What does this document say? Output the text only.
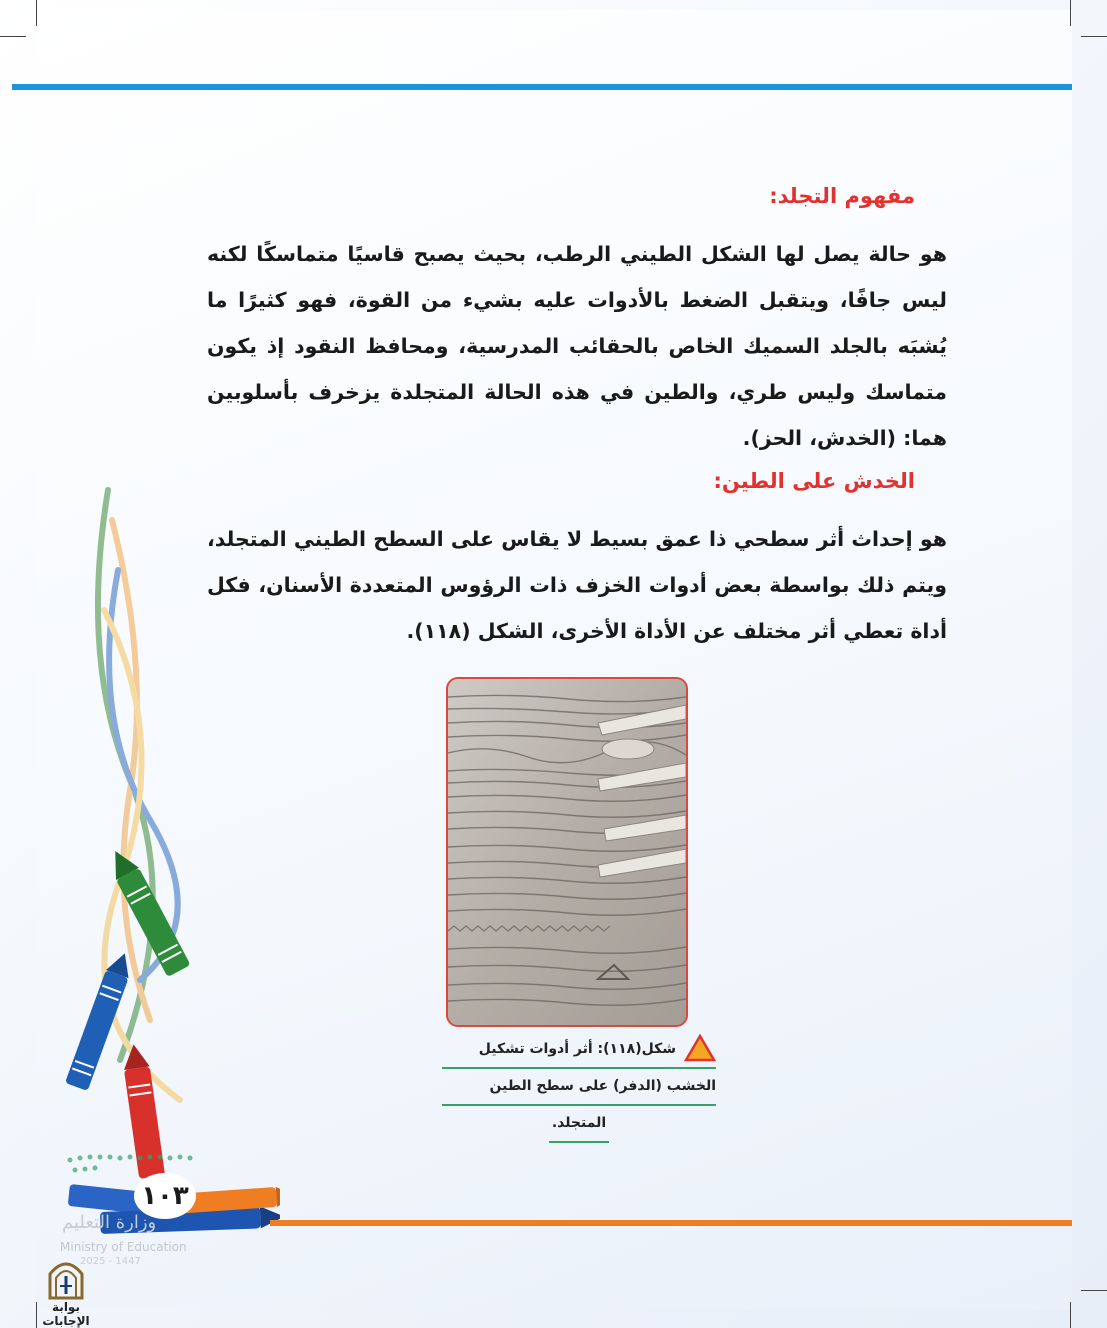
مفهوم التجلد:
هو حالة يصل لها الشكل الطيني الرطب، بحيث يصبح قاسيًا متماسكًا لكنه ليس جافًا، ويتقبل الضغط بالأدوات عليه بشيء من القوة، فهو كثيرًا ما يُشبَه بالجلد السميك الخاص بالحقائب المدرسية، ومحافظ النقود إذ يكون متماسك وليس طري، والطين في هذه الحالة المتجلدة يزخرف بأسلوبين هما: (الخدش، الحز).
الخدش على الطين:
هو إحداث أثر سطحي ذا عمق بسيط لا يقاس على السطح الطيني المتجلد، ويتم ذلك بواسطة بعض أدوات الخزف ذات الرؤوس المتعددة الأسنان، فكل أداة تعطي أثر مختلف عن الأداة الأخرى، الشكل (١١٨).
شكل(١١٨): أثر أدوات تشكيل
الخشب (الدفر) على سطح الطين
المتجلد.
١٠٣
وزارة التعليم
Ministry of Education
2025 - 1447
بوابة الإجابات
